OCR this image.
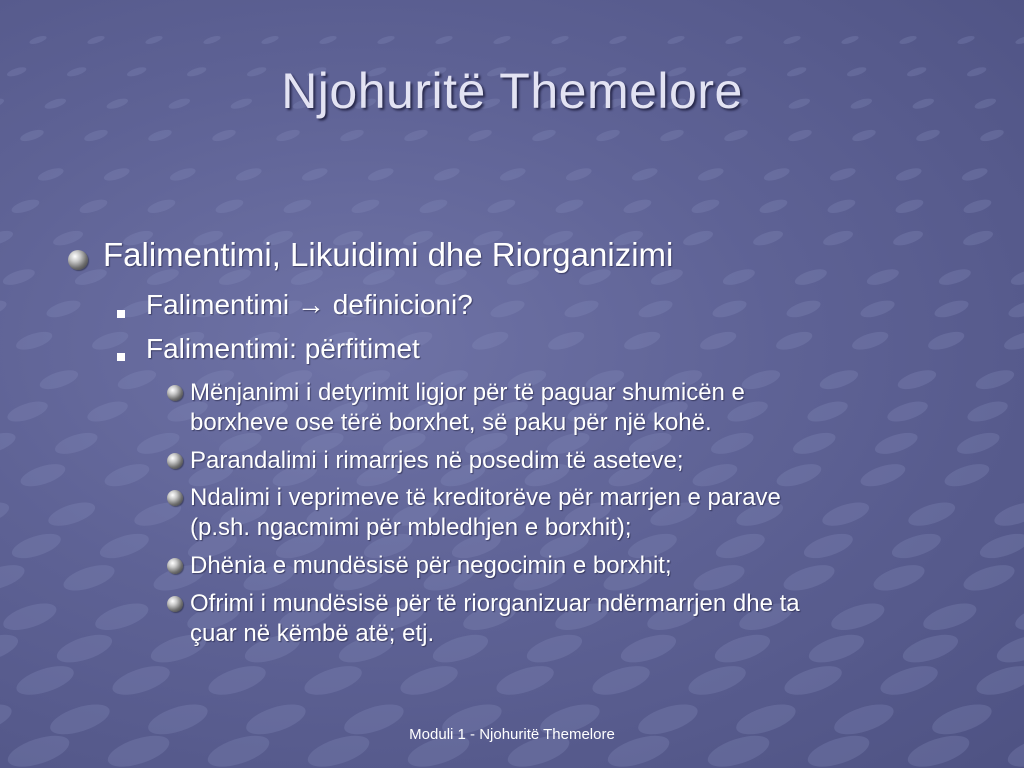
Njohuritë Themelore
Falimentimi, Likuidimi dhe Riorganizimi
Falimentimi → definicioni?
Falimentimi: përfitimet
Mënjanimi i detyrimit ligjor për të paguar shumicën e
borxheve ose tërë borxhet, së paku për një kohë.
Parandalimi i rimarrjes në posedim të aseteve;
Ndalimi i veprimeve të kreditorëve për marrjen e parave
(p.sh. ngacmimi për mbledhjen e borxhit);
Dhënia e mundësisë për negocimin e borxhit;
Ofrimi i mundësisë për të riorganizuar ndërmarrjen dhe ta
çuar në këmbë atë; etj.
Moduli 1 - Njohuritë Themelore
